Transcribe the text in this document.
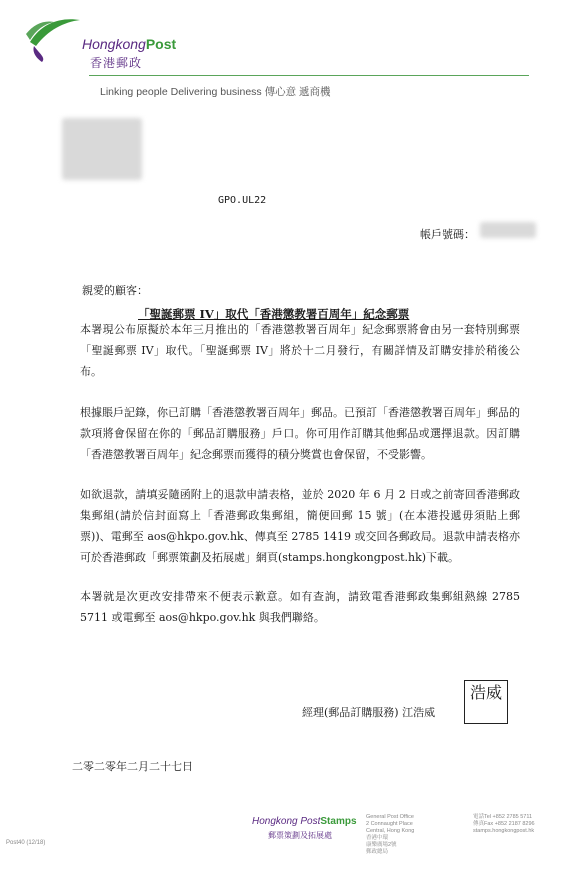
HongkongPost
香港郵政
Linking people Delivering business 傳心意 遞商機
GPO.UL22
帳戶號碼：
親愛的顧客：
「聖誕郵票 IV」取代「香港懲教署百周年」紀念郵票

本署現公布原擬於本年三月推出的「香港懲教署百周年」紀念郵票將會由另一套特別郵票「聖誕郵票 IV」取代。「聖誕郵票 IV」將於十二月發行，有關詳情及訂購安排於稍後公布。

根據賬戶記錄，你已訂購「香港懲教署百周年」郵品。已預訂「香港懲教署百周年」郵品的款項將會保留在你的「郵品訂購服務」戶口。你可用作訂購其他郵品或選擇退款。因訂購「香港懲教署百周年」紀念郵票而獲得的積分獎賞也會保留，不受影響。

如欲退款，請填妥隨函附上的退款申請表格，並於 2020 年 6 月 2 日或之前寄回香港郵政集郵組(請於信封面寫上「香港郵政集郵組，簡便回郵 15 號」(在本港投遞毋須貼上郵票))、電郵至 aos@hkpo.gov.hk、傳真至 2785 1419 或交回各郵政局。退款申請表格亦可於香港郵政「郵票策劃及拓展處」網頁(stamps.hongkongpost.hk)下載。

本署就是次更改安排帶來不便表示歉意。如有查詢，請致電香港郵政集郵組熱線 2785 5711 或電郵至 aos@hkpo.gov.hk 與我們聯絡。

經理(郵品訂購服務) 江浩威
浩威
二零二零年二月二十七日
Hongkong PostStamps
郵票策劃及拓展處
General Post Office
2 Connaught Place
Central, Hong Kong
香港中環
康樂廣場2號
郵政總局
電話Tel +852 2785 5711
傳真Fax +852 2187 8296
stamps.hongkongpost.hk
Post40 (12/18)
